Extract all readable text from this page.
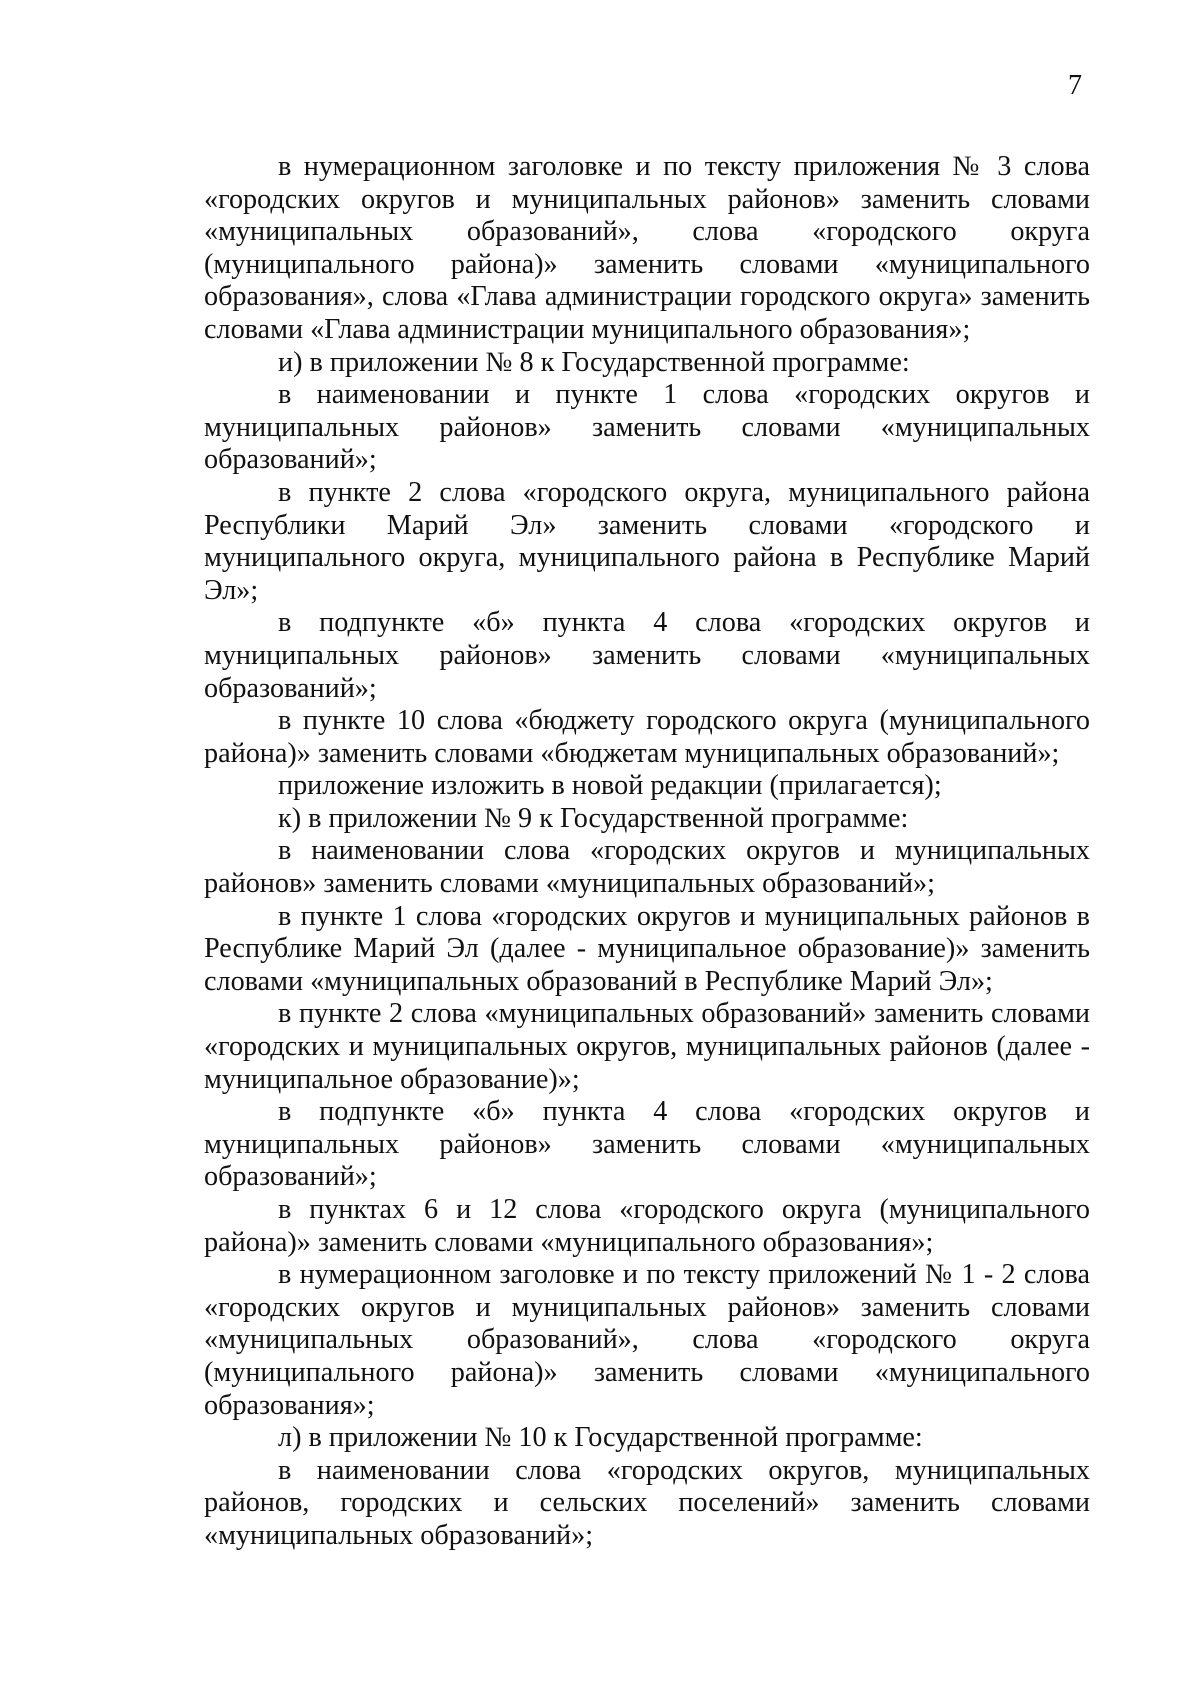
7

в нумерационном заголовке и по тексту приложения № 3 слова «городских округов и муниципальных районов» заменить словами «муниципальных образований», слова «городского округа (муниципального района)» заменить словами «муниципального образования», слова «Глава администрации городского округа» заменить словами «Глава администрации муниципального образования»;

и) в приложении № 8 к Государственной программе:

в наименовании и пункте 1 слова «городских округов и муниципальных районов» заменить словами «муниципальных образований»;

в пункте 2 слова «городского округа, муниципального района Республики Марий Эл» заменить словами «городского и муниципального округа, муниципального района в Республике Марий Эл»;

в подпункте «б» пункта 4 слова «городских округов и муниципальных районов» заменить словами «муниципальных образований»;

в пункте 10 слова «бюджету городского округа (муниципального района)» заменить словами «бюджетам муниципальных образований»;

приложение изложить в новой редакции (прилагается);

к) в приложении № 9 к Государственной программе:

в наименовании слова «городских округов и муниципальных районов» заменить словами «муниципальных образований»;

в пункте 1 слова «городских округов и муниципальных районов в Республике Марий Эл (далее - муниципальное образование)» заменить словами «муниципальных образований в Республике Марий Эл»;

в пункте 2 слова «муниципальных образований» заменить словами «городских и муниципальных округов, муниципальных районов (далее - муниципальное образование)»;

в подпункте «б» пункта 4 слова «городских округов и муниципальных районов» заменить словами «муниципальных образований»;

в пунктах 6 и 12 слова «городского округа (муниципального района)» заменить словами «муниципального образования»;

в нумерационном заголовке и по тексту приложений № 1 - 2 слова «городских округов и муниципальных районов» заменить словами «муниципальных образований», слова «городского округа (муниципального района)» заменить словами «муниципального образования»;

л) в приложении № 10 к Государственной программе:

в наименовании слова «городских округов, муниципальных районов, городских и сельских поселений» заменить словами «муниципальных образований»;
